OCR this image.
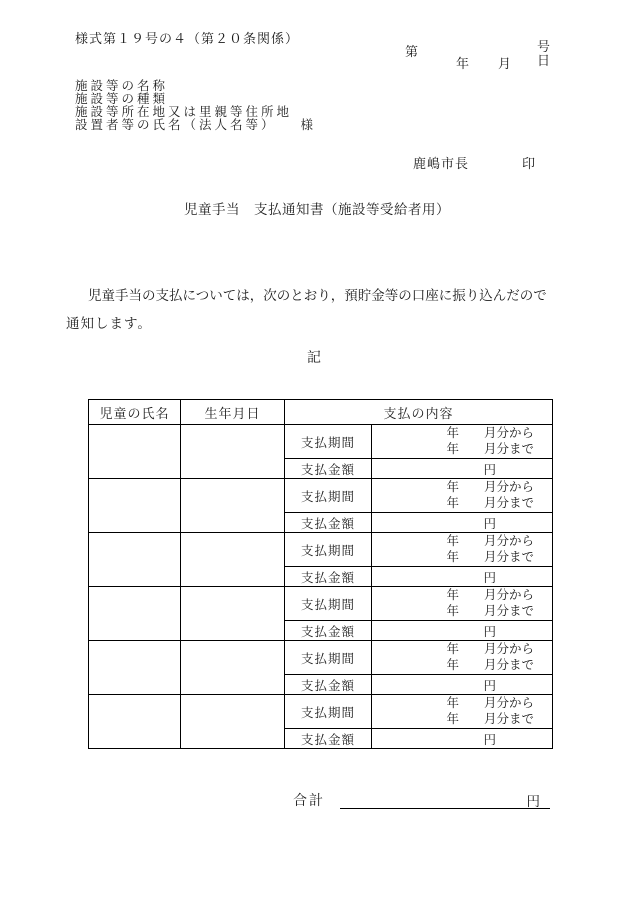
様式第１９号の４（第２０条関係）
第	号
年 月 日
施設等の名称
施設等の種類
施設等所在地又は里親等住所地
設置者等の氏名（法人名等） 様
鹿嶋市長	印
児童手当　支払通知書（施設等受給者用）
児童手当の支払については，次のとおり，預貯金等の口座に振り込んだので
通知します。
記
児童の氏名	生年月日	支払の内容	
		支払期間	年　　月分から
年　　月分まで

		支払金額	円
		支払期間	年　　月分から
年　　月分まで

		支払金額	円
		支払期間	年　　月分から
年　　月分まで

		支払金額	円
		支払期間	年　　月分から
年　　月分まで

		支払金額	円
		支払期間	年　　月分から
年　　月分まで

		支払金額	円
		支払期間	年　　月分から
年　　月分まで

		支払金額	円
合計	円
